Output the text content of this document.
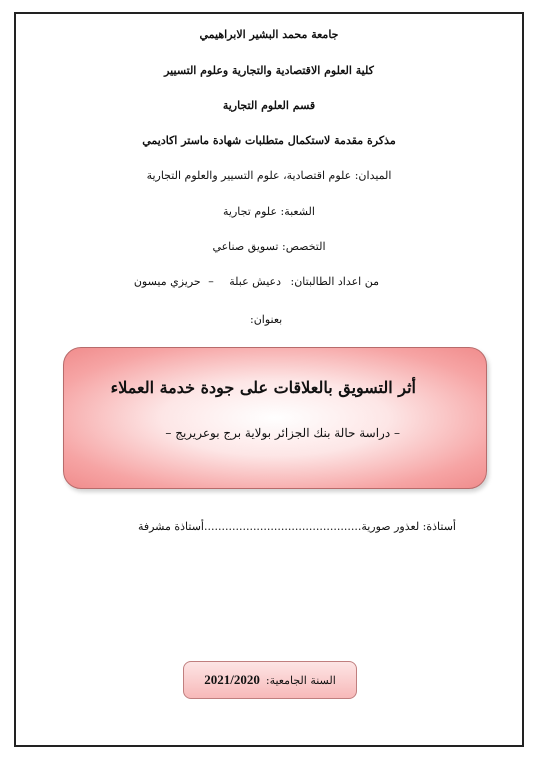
جامعة محمد البشير الابراهيمي
كلية العلوم الاقتصادية والتجارية وعلوم التسيير
قسم العلوم التجارية
مذكرة مقدمة لاستكمال متطلبات شهادة ماستر اكاديمي
الميدان: علوم اقتصادية، علوم التسيير والعلوم التجارية
الشعبة: علوم تجارية
التخصص: تسويق صناعي
من اعداد الطالبتان: دعيش عبلة – حريزي ميسون
بعنوان:
أثر التسويق بالعلاقات على جودة خدمة العملاء
– دراسة حالة بنك الجزائر بولاية برج بوعريريج –
أستاذة: لعذور صورية.............................................أستاذة مشرفة
السنة الجامعية:
2021/2020
